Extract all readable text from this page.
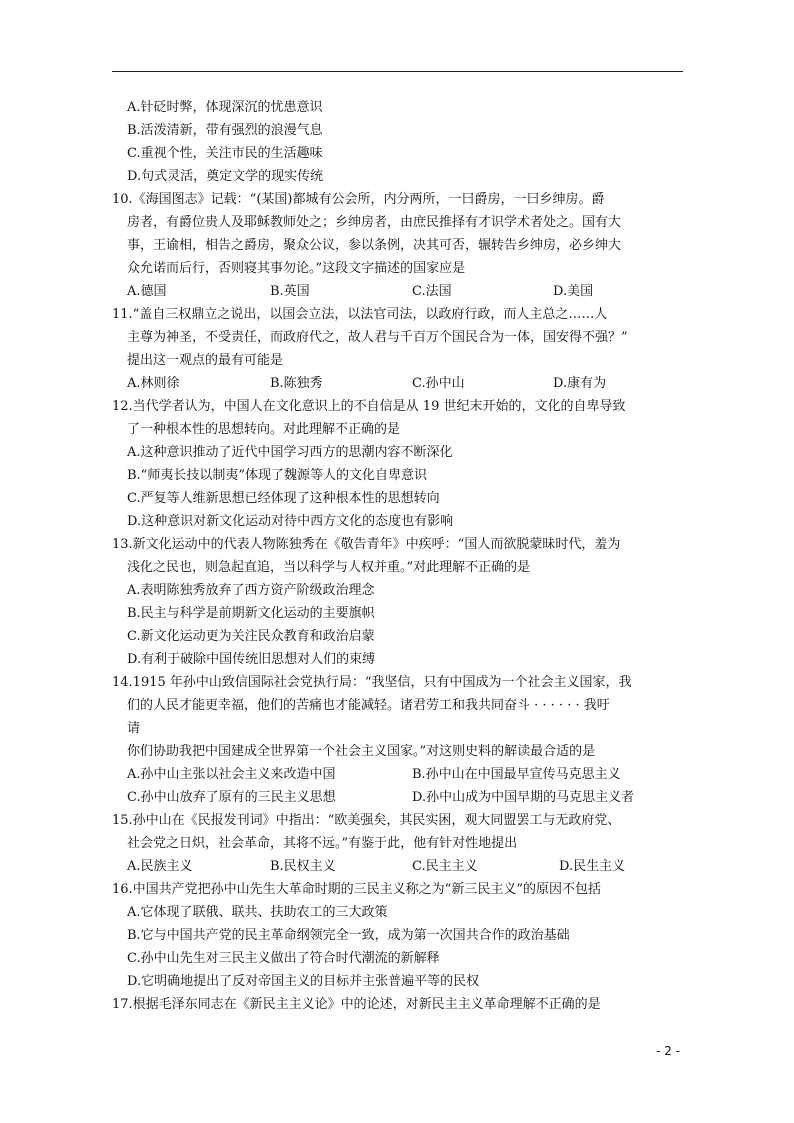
A.针砭时弊，体现深沉的忧患意识
B.活泼清新，带有强烈的浪漫气息
C.重视个性，关注市民的生活趣味
D.句式灵活，奠定文学的现实传统
10.《海国图志》记载：“(某国)都城有公会所，内分两所，一曰爵房，一曰乡绅房。爵
房者，有爵位贵人及耶稣教师处之；乡绅房者，由庶民推择有才识学术者处之。国有大
事，王谕相，相告之爵房，聚众公议，参以条例，决其可否，辗转告乡绅房，必乡绅大
众允诺而后行，否则寝其事勿论。”这段文字描述的国家应是
A.德国	B.英国	C.法国	D.美国
11.“盖自三权鼎立之说出，以国会立法，以法官司法，以政府行政，而人主总之……人
主尊为神圣，不受责任，而政府代之，故人君与千百万个国民合为一体，国安得不强？”
提出这一观点的最有可能是
A.林则徐	B.陈独秀	C.孙中山	D.康有为
12.当代学者认为，中国人在文化意识上的不自信是从 19 世纪末开始的，文化的自卑导致
了一种根本性的思想转向。对此理解不正确的是
A.这种意识推动了近代中国学习西方的思潮内容不断深化
B.“师夷长技以制夷”体现了魏源等人的文化自卑意识
C.严复等人维新思想已经体现了这种根本性的思想转向
D.这种意识对新文化运动对待中西方文化的态度也有影响
13.新文化运动中的代表人物陈独秀在《敬告青年》中疾呼：“国人而欲脱蒙昧时代，羞为
浅化之民也，则急起直追，当以科学与人权并重。”对此理解不正确的是
A.表明陈独秀放弃了西方资产阶级政治理念
B.民主与科学是前期新文化运动的主要旗帜
C.新文化运动更为关注民众教育和政治启蒙
D.有利于破除中国传统旧思想对人们的束缚
14.1915 年孙中山致信国际社会党执行局：“我坚信，只有中国成为一个社会主义国家，我
们的人民才能更幸福，他们的苦痛也才能减轻。诸君劳工和我共同奋斗 · · · · · · 我吁
请
你们协助我把中国建成全世界第一个社会主义国家。”对这则史料的解读最合适的是
A.孙中山主张以社会主义来改造中国	B.孙中山在中国最早宣传马克思主义
C.孙中山放弃了原有的三民主义思想	D.孙中山成为中国早期的马克思主义者
15.孙中山在《民报发刊词》中指出：“欧美强矣，其民实困，观大同盟罢工与无政府党、
社会党之日炽，社会革命，其将不远。”有鉴于此，他有针对性地提出
A.民族主义	B.民权主义	C.民主主义	D.民生主义
16.中国共产党把孙中山先生大革命时期的三民主义称之为“新三民主义”的原因不包括
A.它体现了联俄、联共、扶助农工的三大政策
B.它与中国共产党的民主革命纲领完全一致，成为第一次国共合作的政治基础
C.孙中山先生对三民主义做出了符合时代潮流的新解释
D.它明确地提出了反对帝国主义的目标并主张普遍平等的民权
17.根据毛泽东同志在《新民主主义论》中的论述，对新民主主义革命理解不正确的是
- 2 -
